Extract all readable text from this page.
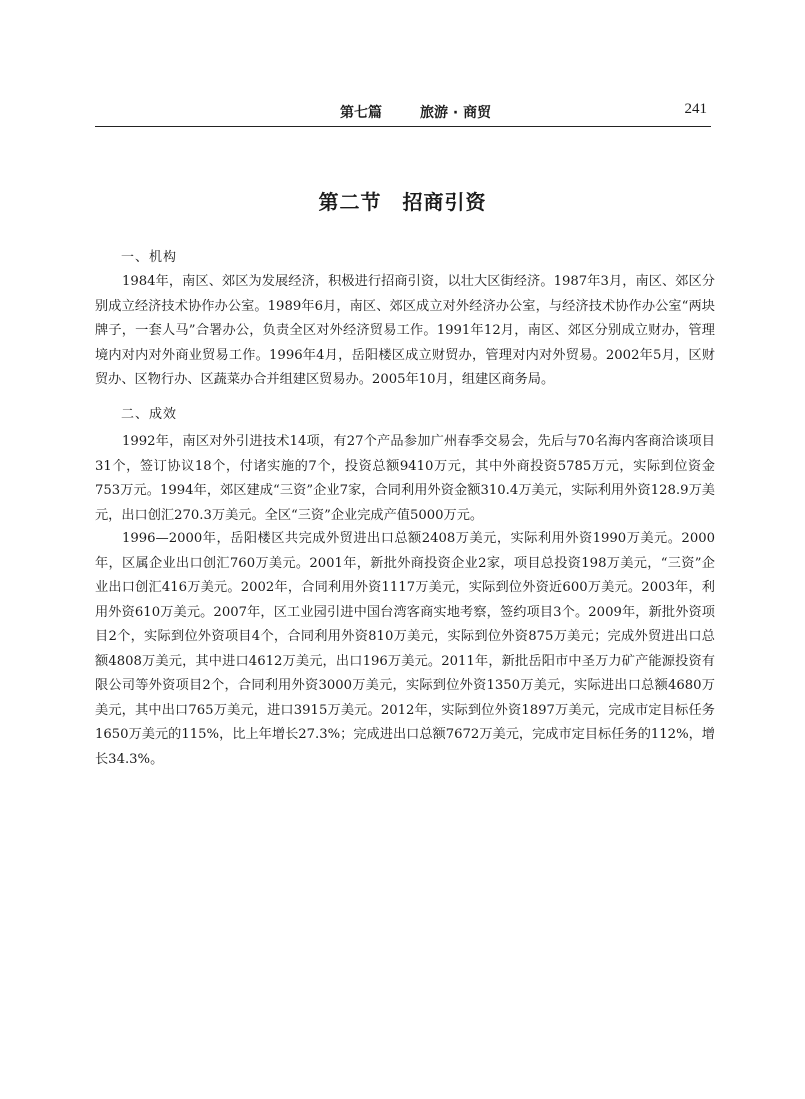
第七篇	旅游 · 商贸	241
第二节　招商引资
一、机构

1984年，南区、郊区为发展经济，积极进行招商引资，以壮大区街经济。1987年3月，南区、郊区分别成立经济技术协作办公室。1989年6月，南区、郊区成立对外经济办公室，与经济技术协作办公室“两块牌子，一套人马”合署办公，负责全区对外经济贸易工作。1991年12月，南区、郊区分别成立财办，管理境内对内对外商业贸易工作。1996年4月，岳阳楼区成立财贸办，管理对内对外贸易。2002年5月，区财贸办、区物行办、区蔬菜办合并组建区贸易办。2005年10月，组建区商务局。

二、成效

1992年，南区对外引进技术14项，有27个产品参加广州春季交易会，先后与70名海内客商洽谈项目31个，签订协议18个，付诸实施的7个，投资总额9410万元，其中外商投资5785万元，实际到位资金753万元。1994年，郊区建成“三资”企业7家，合同利用外资金额310.4万美元，实际利用外资128.9万美元，出口创汇270.3万美元。全区“三资”企业完成产值5000万元。

1996—2000年，岳阳楼区共完成外贸进出口总额2408万美元，实际利用外资1990万美元。2000年，区属企业出口创汇760万美元。2001年，新批外商投资企业2家，项目总投资198万美元，“三资”企业出口创汇416万美元。2002年，合同利用外资1117万美元，实际到位外资近600万美元。2003年，利用外资610万美元。2007年，区工业园引进中国台湾客商实地考察，签约项目3个。2009年，新批外资项目2个，实际到位外资项目4个，合同利用外资810万美元，实际到位外资875万美元；完成外贸进出口总额4808万美元，其中进口4612万美元，出口196万美元。2011年，新批岳阳市中圣万力矿产能源投资有限公司等外资项目2个，合同利用外资3000万美元，实际到位外资1350万美元，实际进出口总额4680万美元，其中出口765万美元，进口3915万美元。2012年，实际到位外资1897万美元，完成市定目标任务1650万美元的115%，比上年增长27.3%；完成进出口总额7672万美元，完成市定目标任务的112%，增长34.3%。
